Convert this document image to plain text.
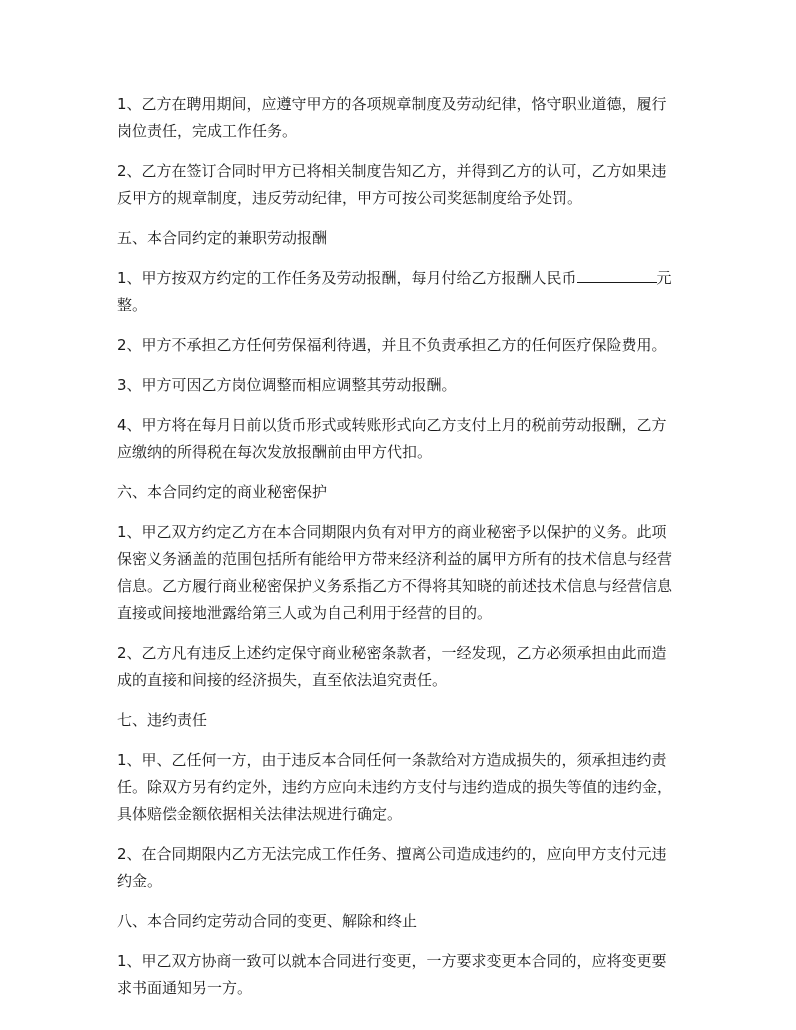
1、乙方在聘用期间，应遵守甲方的各项规章制度及劳动纪律，恪守职业道德，履行岗位责任，完成工作任务。

2、乙方在签订合同时甲方已将相关制度告知乙方，并得到乙方的认可，乙方如果违反甲方的规章制度，违反劳动纪律，甲方可按公司奖惩制度给予处罚。

五、本合同约定的兼职劳动报酬

1、甲方按双方约定的工作任务及劳动报酬，每月付给乙方报酬人民币	元整。

2、甲方不承担乙方任何劳保福利待遇，并且不负责承担乙方的任何医疗保险费用。

3、甲方可因乙方岗位调整而相应调整其劳动报酬。

4、甲方将在每月日前以货币形式或转账形式向乙方支付上月的税前劳动报酬，乙方应缴纳的所得税在每次发放报酬前由甲方代扣。

六、本合同约定的商业秘密保护

1、甲乙双方约定乙方在本合同期限内负有对甲方的商业秘密予以保护的义务。此项保密义务涵盖的范围包括所有能给甲方带来经济利益的属甲方所有的技术信息与经营信息。乙方履行商业秘密保护义务系指乙方不得将其知晓的前述技术信息与经营信息直接或间接地泄露给第三人或为自己利用于经营的目的。

2、乙方凡有违反上述约定保守商业秘密条款者，一经发现，乙方必须承担由此而造成的直接和间接的经济损失，直至依法追究责任。

七、违约责任

1、甲、乙任何一方，由于违反本合同任何一条款给对方造成损失的，须承担违约责任。除双方另有约定外，违约方应向未违约方支付与违约造成的损失等值的违约金，具体赔偿金额依据相关法律法规进行确定。

2、在合同期限内乙方无法完成工作任务、擅离公司造成违约的，应向甲方支付元违约金。

八、本合同约定劳动合同的变更、解除和终止

1、甲乙双方协商一致可以就本合同进行变更，一方要求变更本合同的，应将变更要求书面通知另一方。
